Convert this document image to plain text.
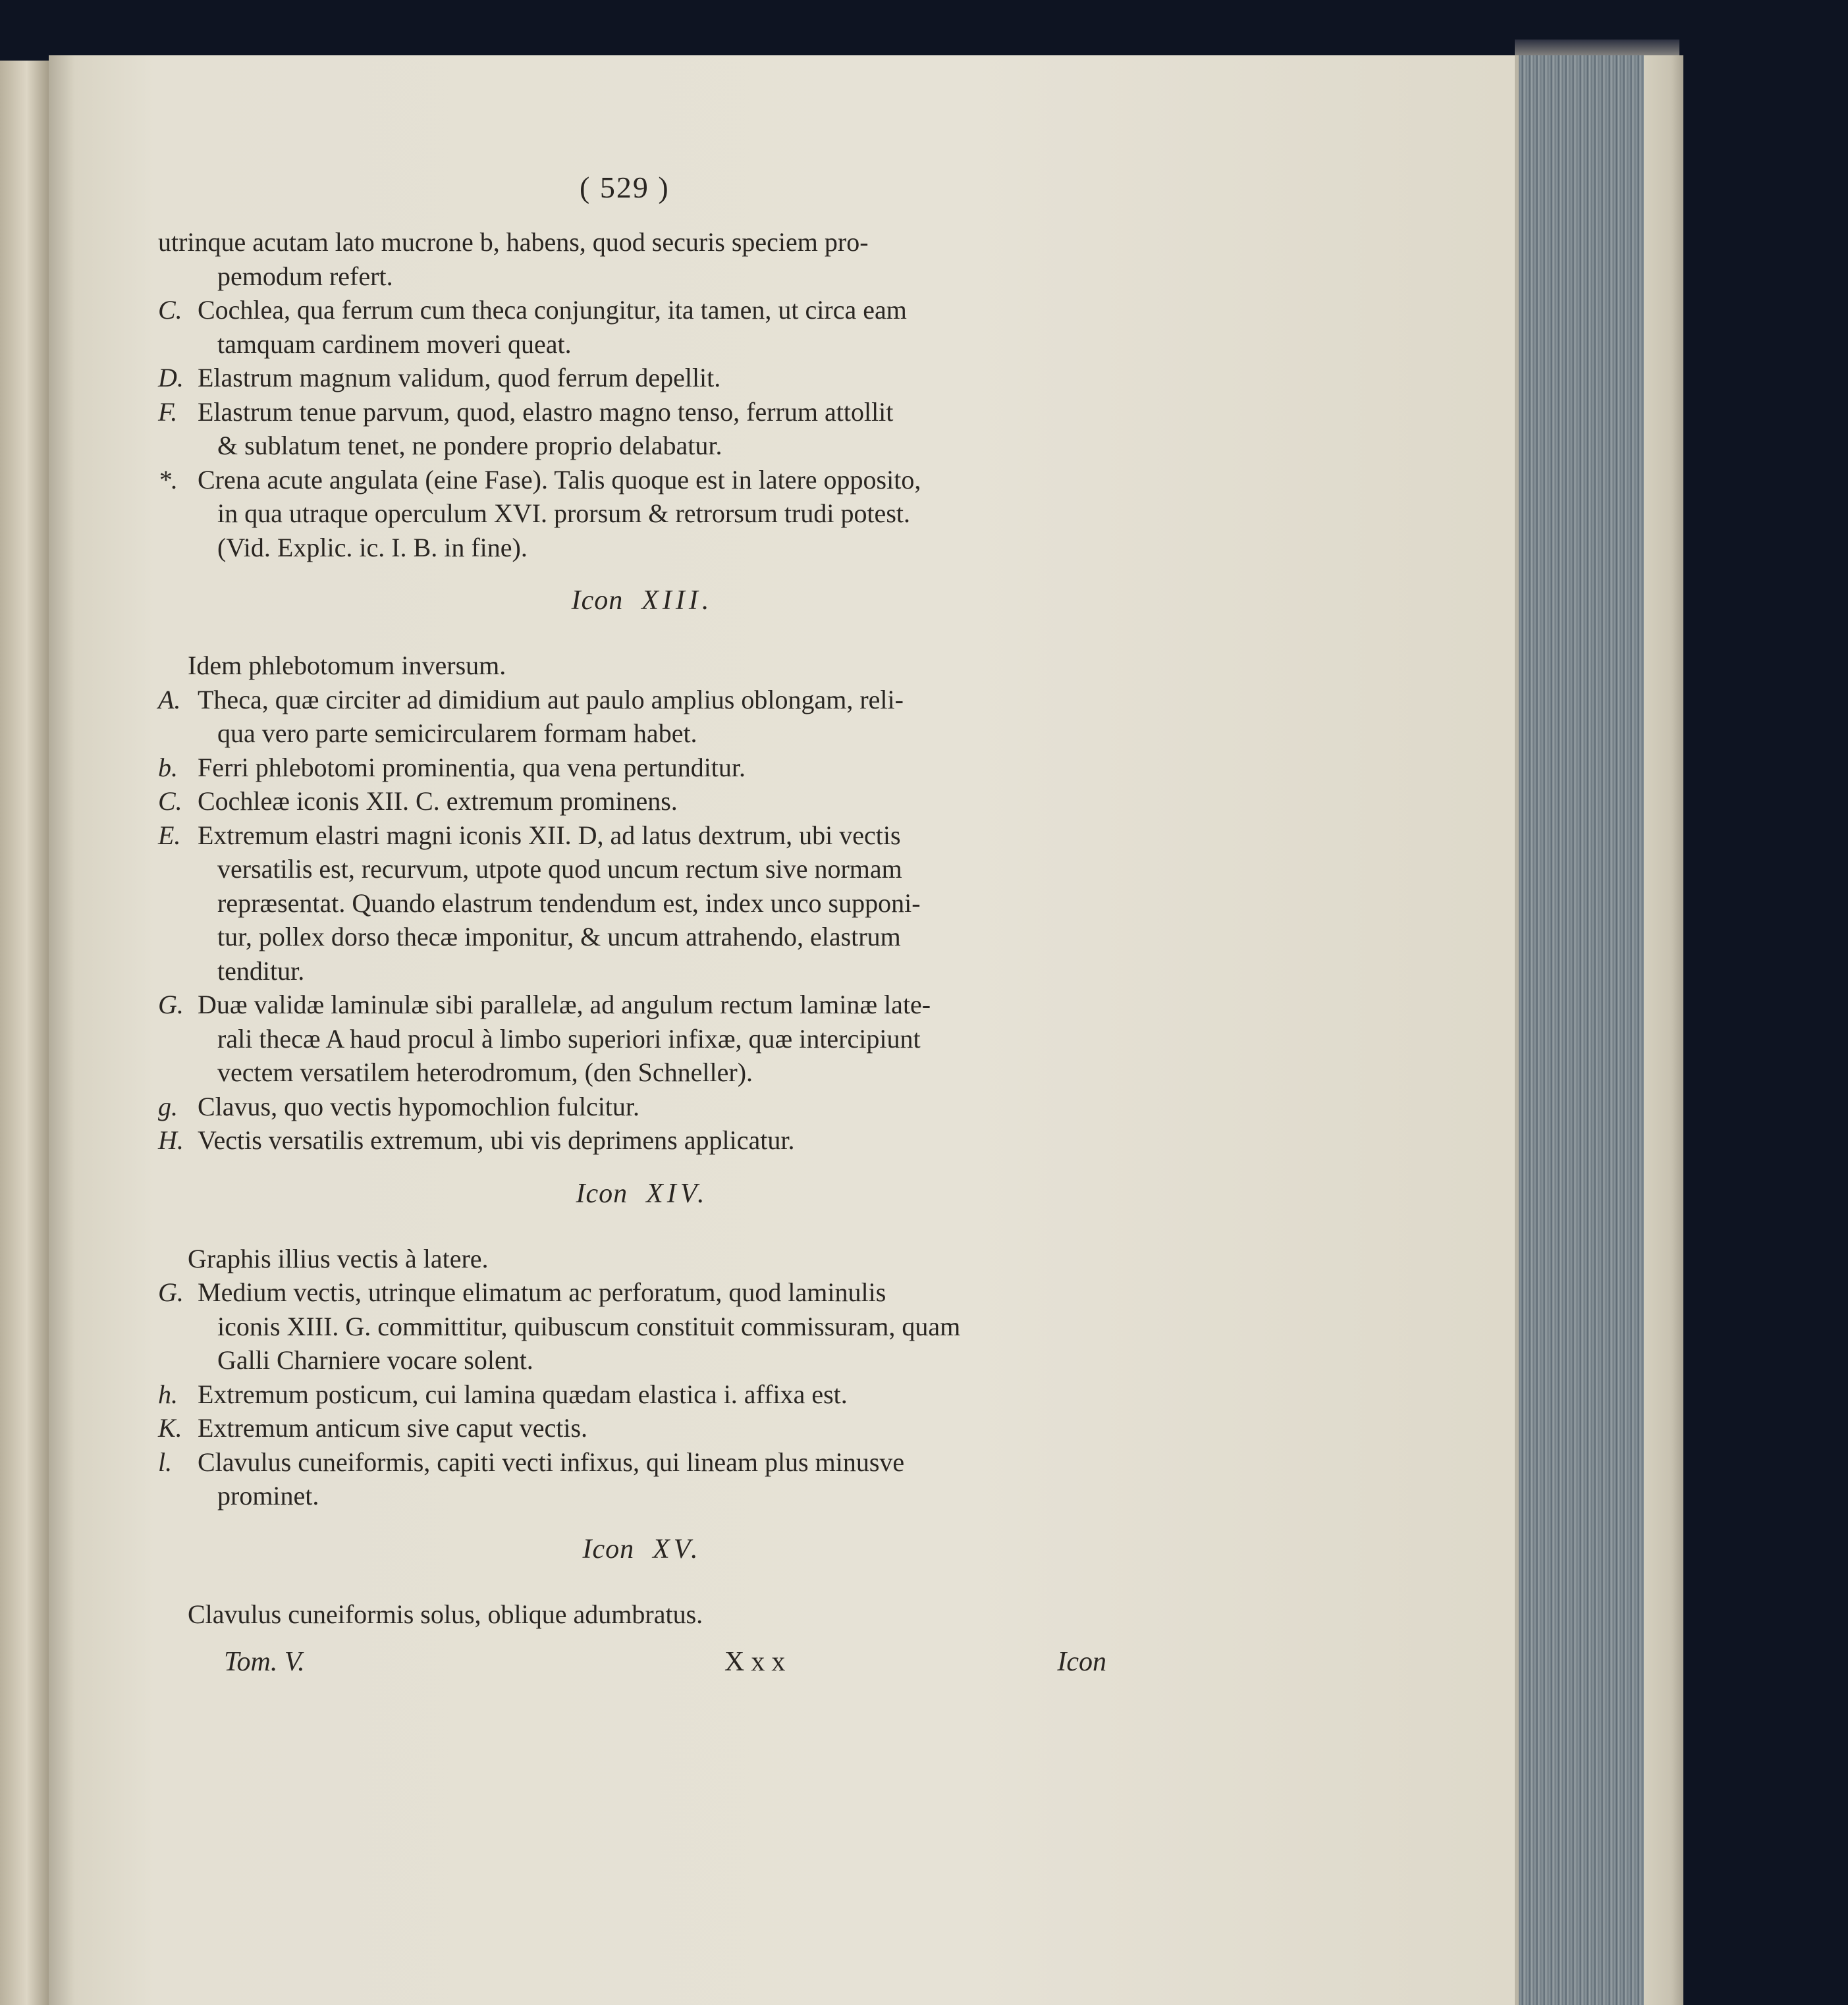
( 529 )
utrinque acutam lato mucrone b, habens, quod securis speciem pro-
pemodum refert.
C. Cochlea, qua ferrum cum theca conjungitur, ita tamen, ut circa eam
tamquam cardinem moveri queat.
D. Elastrum magnum validum, quod ferrum depellit.
F. Elastrum tenue parvum, quod, elastro magno tenso, ferrum attollit
& sublatum tenet, ne pondere proprio delabatur.
*. Crena acute angulata (eine Fase). Talis quoque est in latere opposito,
in qua utraque operculum XVI. prorsum & retrorsum trudi potest.
(Vid. Explic. ic. I. B. in fine).
Icon XIII.
Idem phlebotomum inversum.
A. Theca, quæ circiter ad dimidium aut paulo amplius oblongam, reli-
qua vero parte semicircularem formam habet.
b. Ferri phlebotomi prominentia, qua vena pertunditur.
C. Cochleæ iconis XII. C. extremum prominens.
E. Extremum elastri magni iconis XII. D, ad latus dextrum, ubi vectis
versatilis est, recurvum, utpote quod uncum rectum sive normam
repræsentat. Quando elastrum tendendum est, index unco supponi-
tur, pollex dorso thecæ imponitur, & uncum attrahendo, elastrum
tenditur.
G. Duæ validæ laminulæ sibi parallelæ, ad angulum rectum laminæ late-
rali thecæ A haud procul à limbo superiori infixæ, quæ intercipiunt
vectem versatilem heterodromum, (den Schneller).
g. Clavus, quo vectis hypomochlion fulcitur.
H. Vectis versatilis extremum, ubi vis deprimens applicatur.
Icon XIV.
Graphis illius vectis à latere.
G. Medium vectis, utrinque elimatum ac perforatum, quod laminulis
iconis XIII. G. committitur, quibuscum constituit commissuram, quam
Galli Charniere vocare solent.
h. Extremum posticum, cui lamina quædam elastica i. affixa est.
K. Extremum anticum sive caput vectis.
l. Clavulus cuneiformis, capiti vecti infixus, qui lineam plus minusve
prominet.
Icon XV.
Clavulus cuneiformis solus, oblique adumbratus.
Tom. V.	Xxx	Icon
